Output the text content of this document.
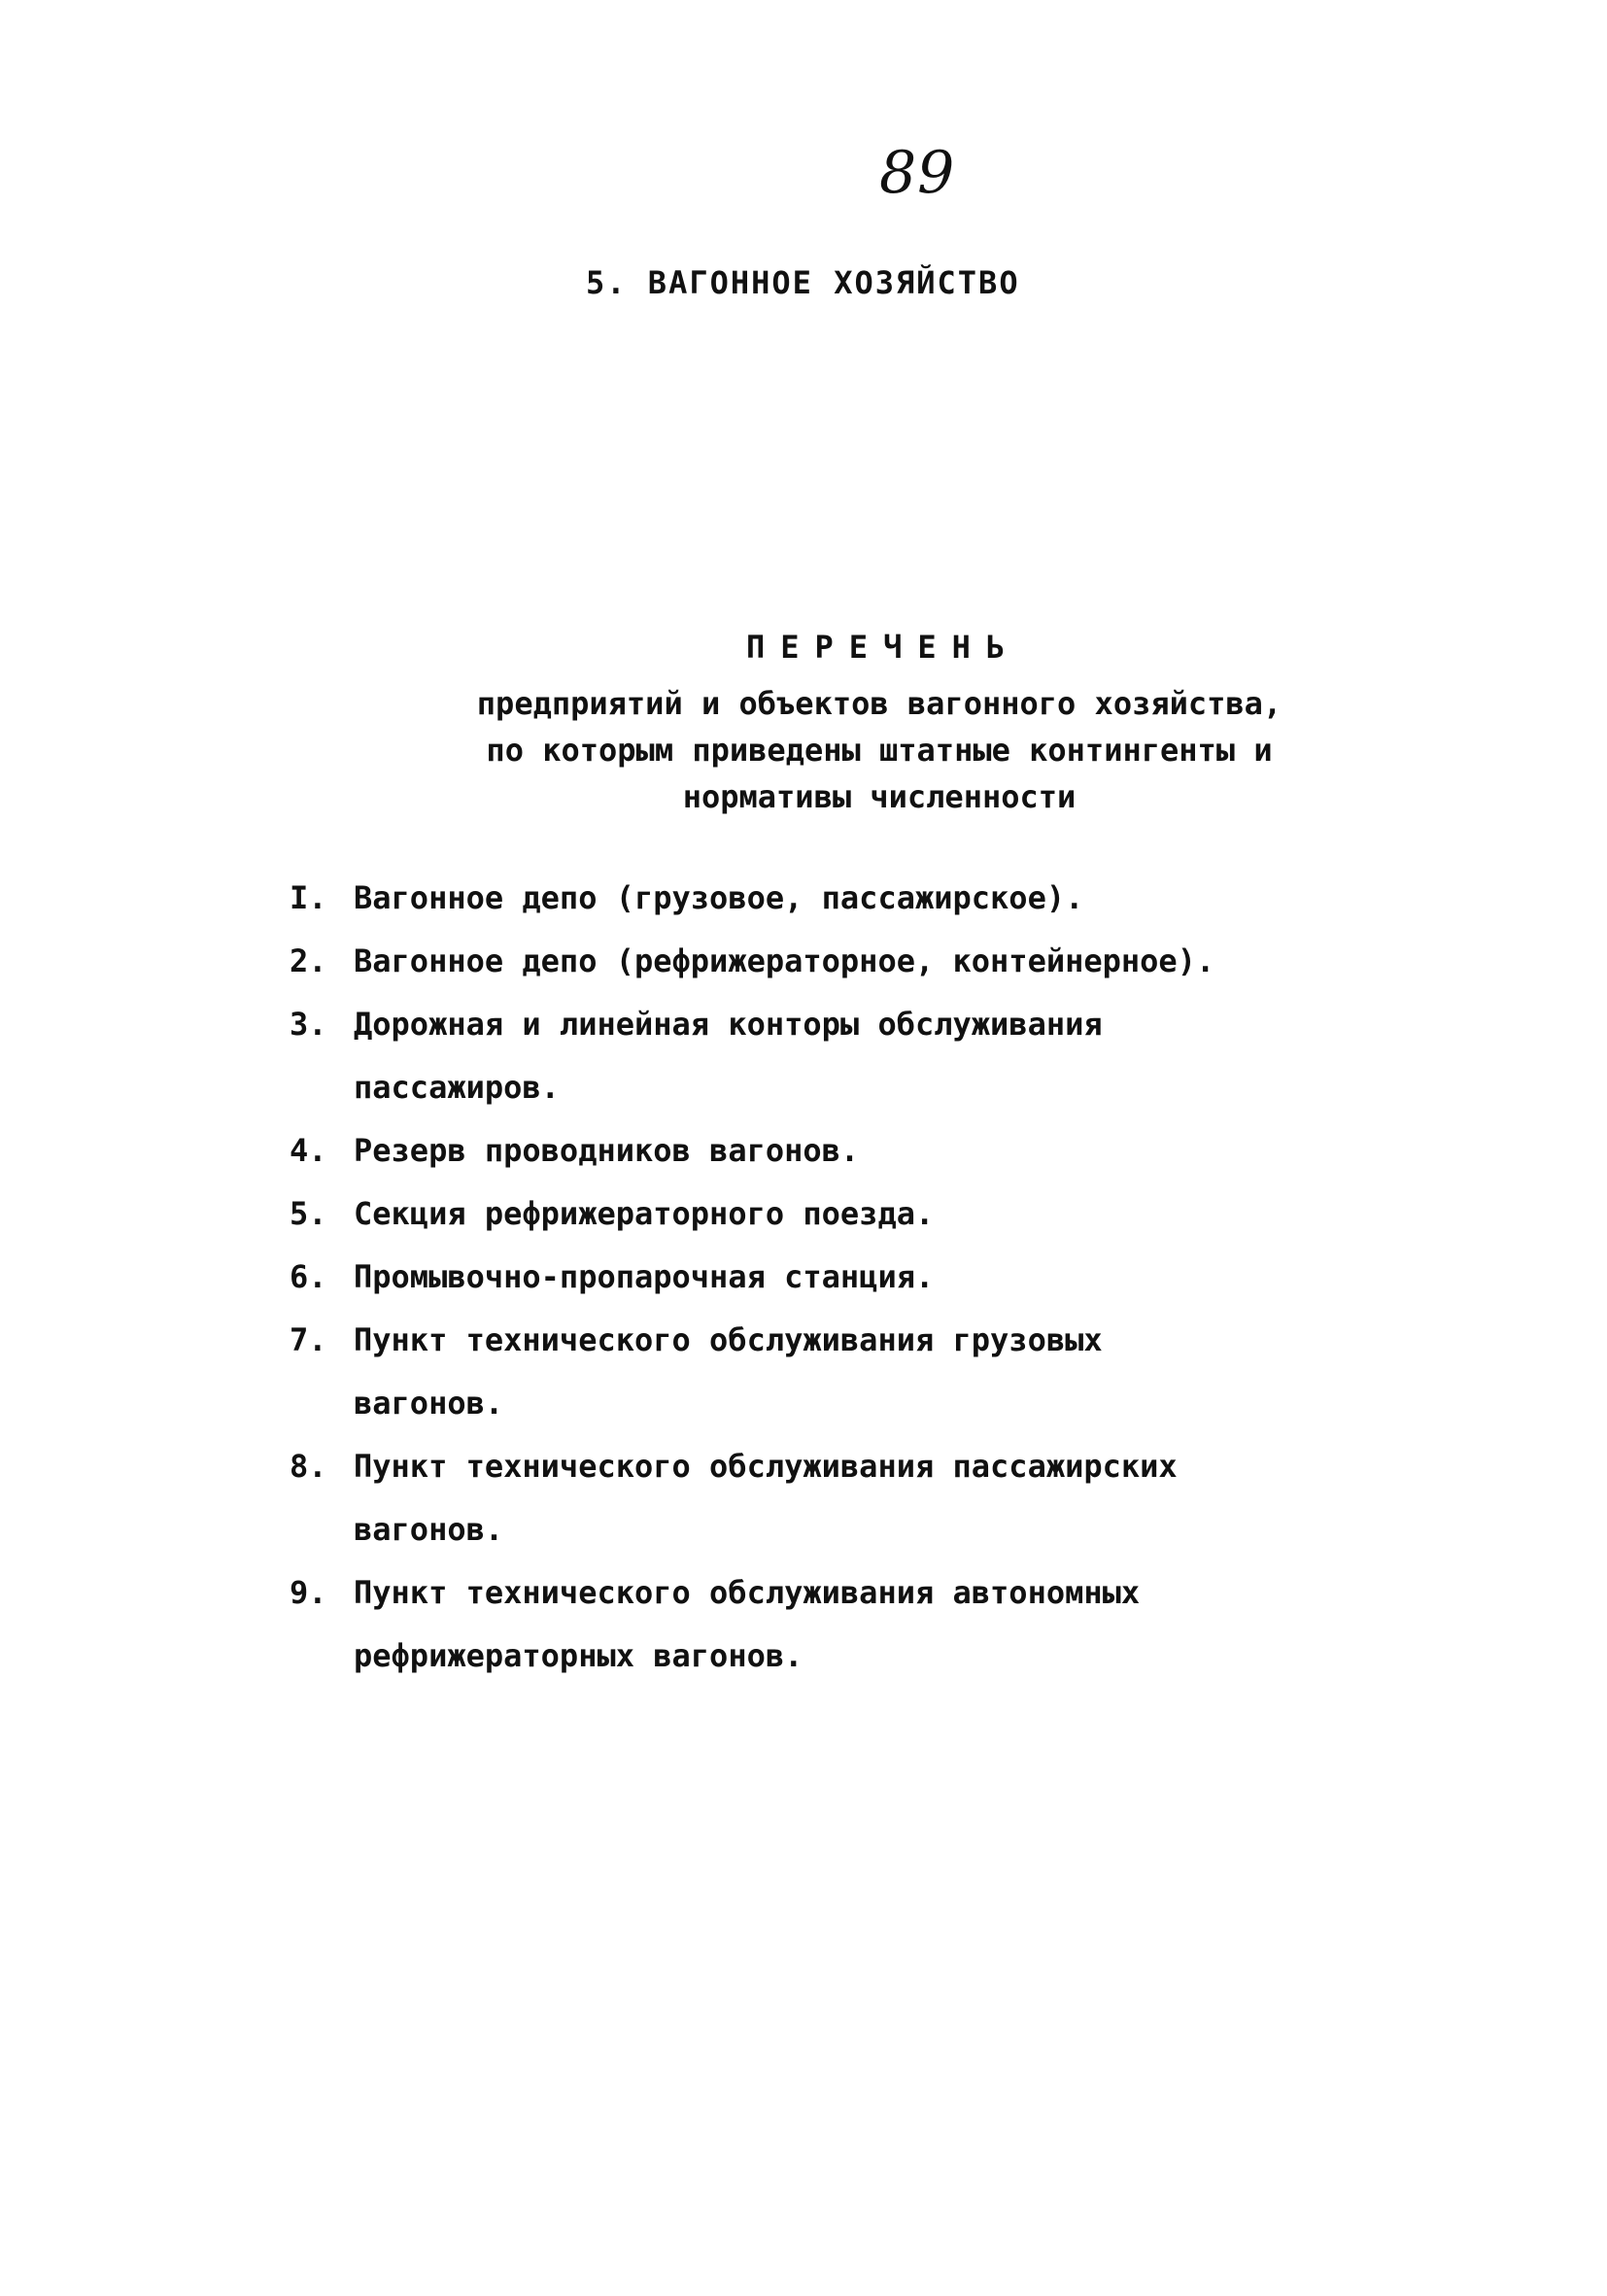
89
5. ВАГОННОЕ ХОЗЯЙСТВО
ПЕРЕЧЕНЬ
предприятий и объектов вагонного хозяйства,
по которым приведены штатные контингенты и
нормативы численности
I. Вагонное депо (грузовое, пассажирское).
2. Вагонное депо (рефрижераторное, контейнерное).
3. Дорожная и линейная конторы обслуживания
пассажиров.
4. Резерв проводников вагонов.
5. Секция рефрижераторного поезда.
6. Промывочно-пропарочная станция.
7. Пункт технического обслуживания грузовых
вагонов.
8. Пункт технического обслуживания пассажирских
вагонов.
9. Пункт технического обслуживания автономных
рефрижераторных вагонов.
